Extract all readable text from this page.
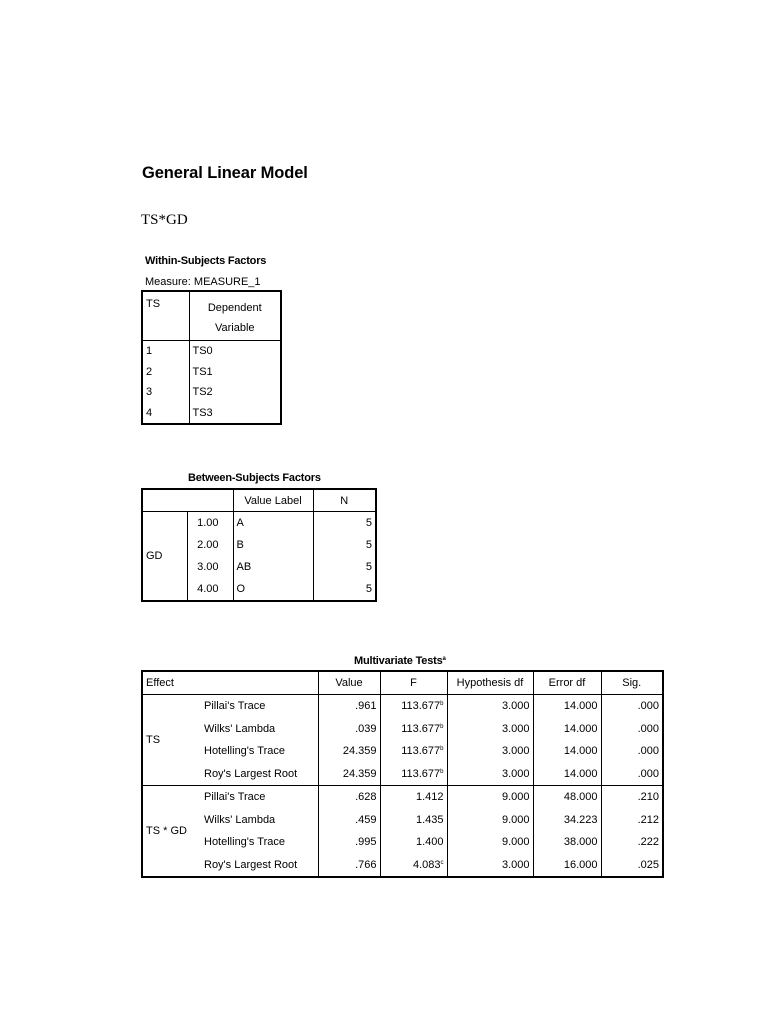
General Linear Model
TS*GD
Within-Subjects Factors
Measure: MEASURE_1
TS	Dependent Variable
1	TS0
2	TS1
3	TS2
4	TS3
Between-Subjects Factors
		Value Label	N
GD	1.00	A	5
	2.00	B	5
	3.00	AB	5
	4.00	O	5
Multivariate Tests$^a$
Effect		Value	F	Hypothesis df	Error df	Sig.
TS	Pillai's Trace	.961	113.677$^b$	3.000	14.000	.000
	Wilks' Lambda	.039	113.677$^b$	3.000	14.000	.000
	Hotelling's Trace	24.359	113.677$^b$	3.000	14.000	.000
	Roy's Largest Root	24.359	113.677$^b$	3.000	14.000	.000
TS * GD	Pillai's Trace	.628	1.412	9.000	48.000	.210
	Wilks' Lambda	.459	1.435	9.000	34.223	.212
	Hotelling's Trace	.995	1.400	9.000	38.000	.222
	Roy's Largest Root	.766	4.083$^c$	3.000	16.000	.025
